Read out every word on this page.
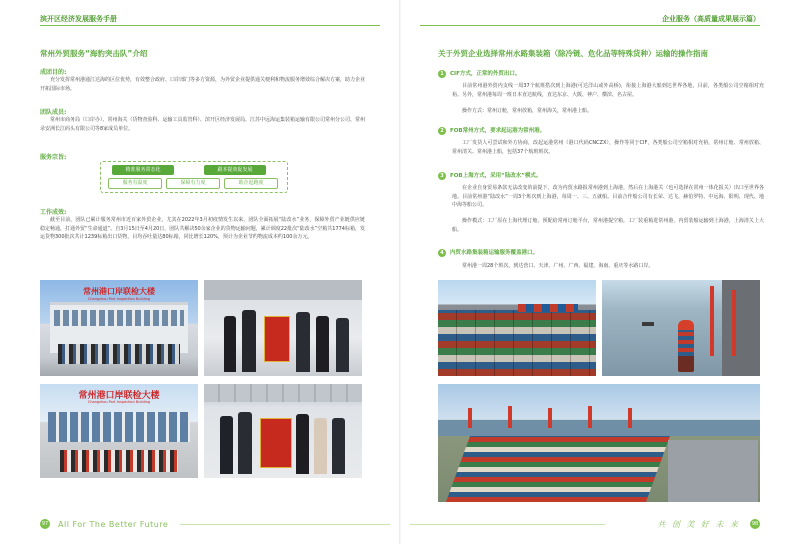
滨开区经济发展服务手册	企业服务（高质量成果展示篇）
常州外贸服务“海豹突击队”介绍
成团目的:
充分发挥常州港通江达海的区位优势，有效整合政府、口岸部门等多方资源，为外贸企业提供通关便利和物流服务增效综合解决方案，助力企业开拓国际市场。
团队成员:
常州市商务局（口岸办）、常州海关（货物查验科、运输工具监管科）、滨开区经济发展局、江苏中远海运集装箱运输有限公司常州分公司、常州录安洲长江码头有限公司等8家成员单位。
服务宗旨:
精准服务常态化	跟本提效促发展
服务有温度	保障有力度	助企起跑度
工作成效:
截至目前，团队已累计服务常州市近百家外贸企业，尤其在2022年3月初疫情发生以来，团队全面拓展“陆改水”业务，保障外贸产业链供应链稳定畅通，打通外贸“生命通道”。自3月15日至4月20日，团队共解决50余家企业的货物运输问题，累计调度22批次“陆改水”空箱共1774标箱，发运货物300批次共计1239标箱出口货物，目均吞吐量达80标箱，同比增长120%，预计为企业节约物流成本约100余万元。
常州港口岸联检大楼
Changzhou Port Inspection Building
常州港口岸联检大楼
Changzhou Port Inspection Building
关于外贸企业选择常州水路集装箱（除冷链、危化品等特殊货种）运输的操作指南
1 CIF方式，正常的外贸出口。
目前常州港外贸内支线一周37个航班搭次到上海港(可达洋山或外高桥)，衔接上海港大船到达世界各地，目前，各类船公司空箱相对充裕。另外，常州港每周一班日本直达航线，直达东京、大阪、神户、横滨、名古屋。
操作方式：常州订舱，常州放箱，常州海关，常州港上船。
2 FOB常州方式，要求起运港为常州港。
工厂发货人可尝试和外方协商，改起运港常州（港口代码CNCZX），操作等同于CIF，各类船公司空箱相对充裕，常州订舱、常州放箱、常州清关、常州港上船，包括37个航班班次。
3 FOB上海方式，采用“陆改水”模式。
在企业自身贸易条款无法改变的前提下，改为内贸水路报常州港到上海港，然后在上海港关（也可选择在常州一体化报关）出口至世界各地。目前常州港“陆改水”一周3个班次到上海港，每周一、三、五就船。目前合作船公司有长荣、达飞、赫伯罗特、中远海、阳明、现代、地中海等船公司。
操作模式：工厂原在上海代理订舱、预配给常州订舱平台，常州港提空箱，工厂装重箱进常州港，内贸装船运输到上海港，上海清关上大船。
4 内贸水路集装箱运输服务覆盖港口。
常州港一周28个班次，到达营口、天津、广州、广西、福建、海南、重庆等水路口岸。
97 All For The Better Future	共 创 美 好 未 来	98
